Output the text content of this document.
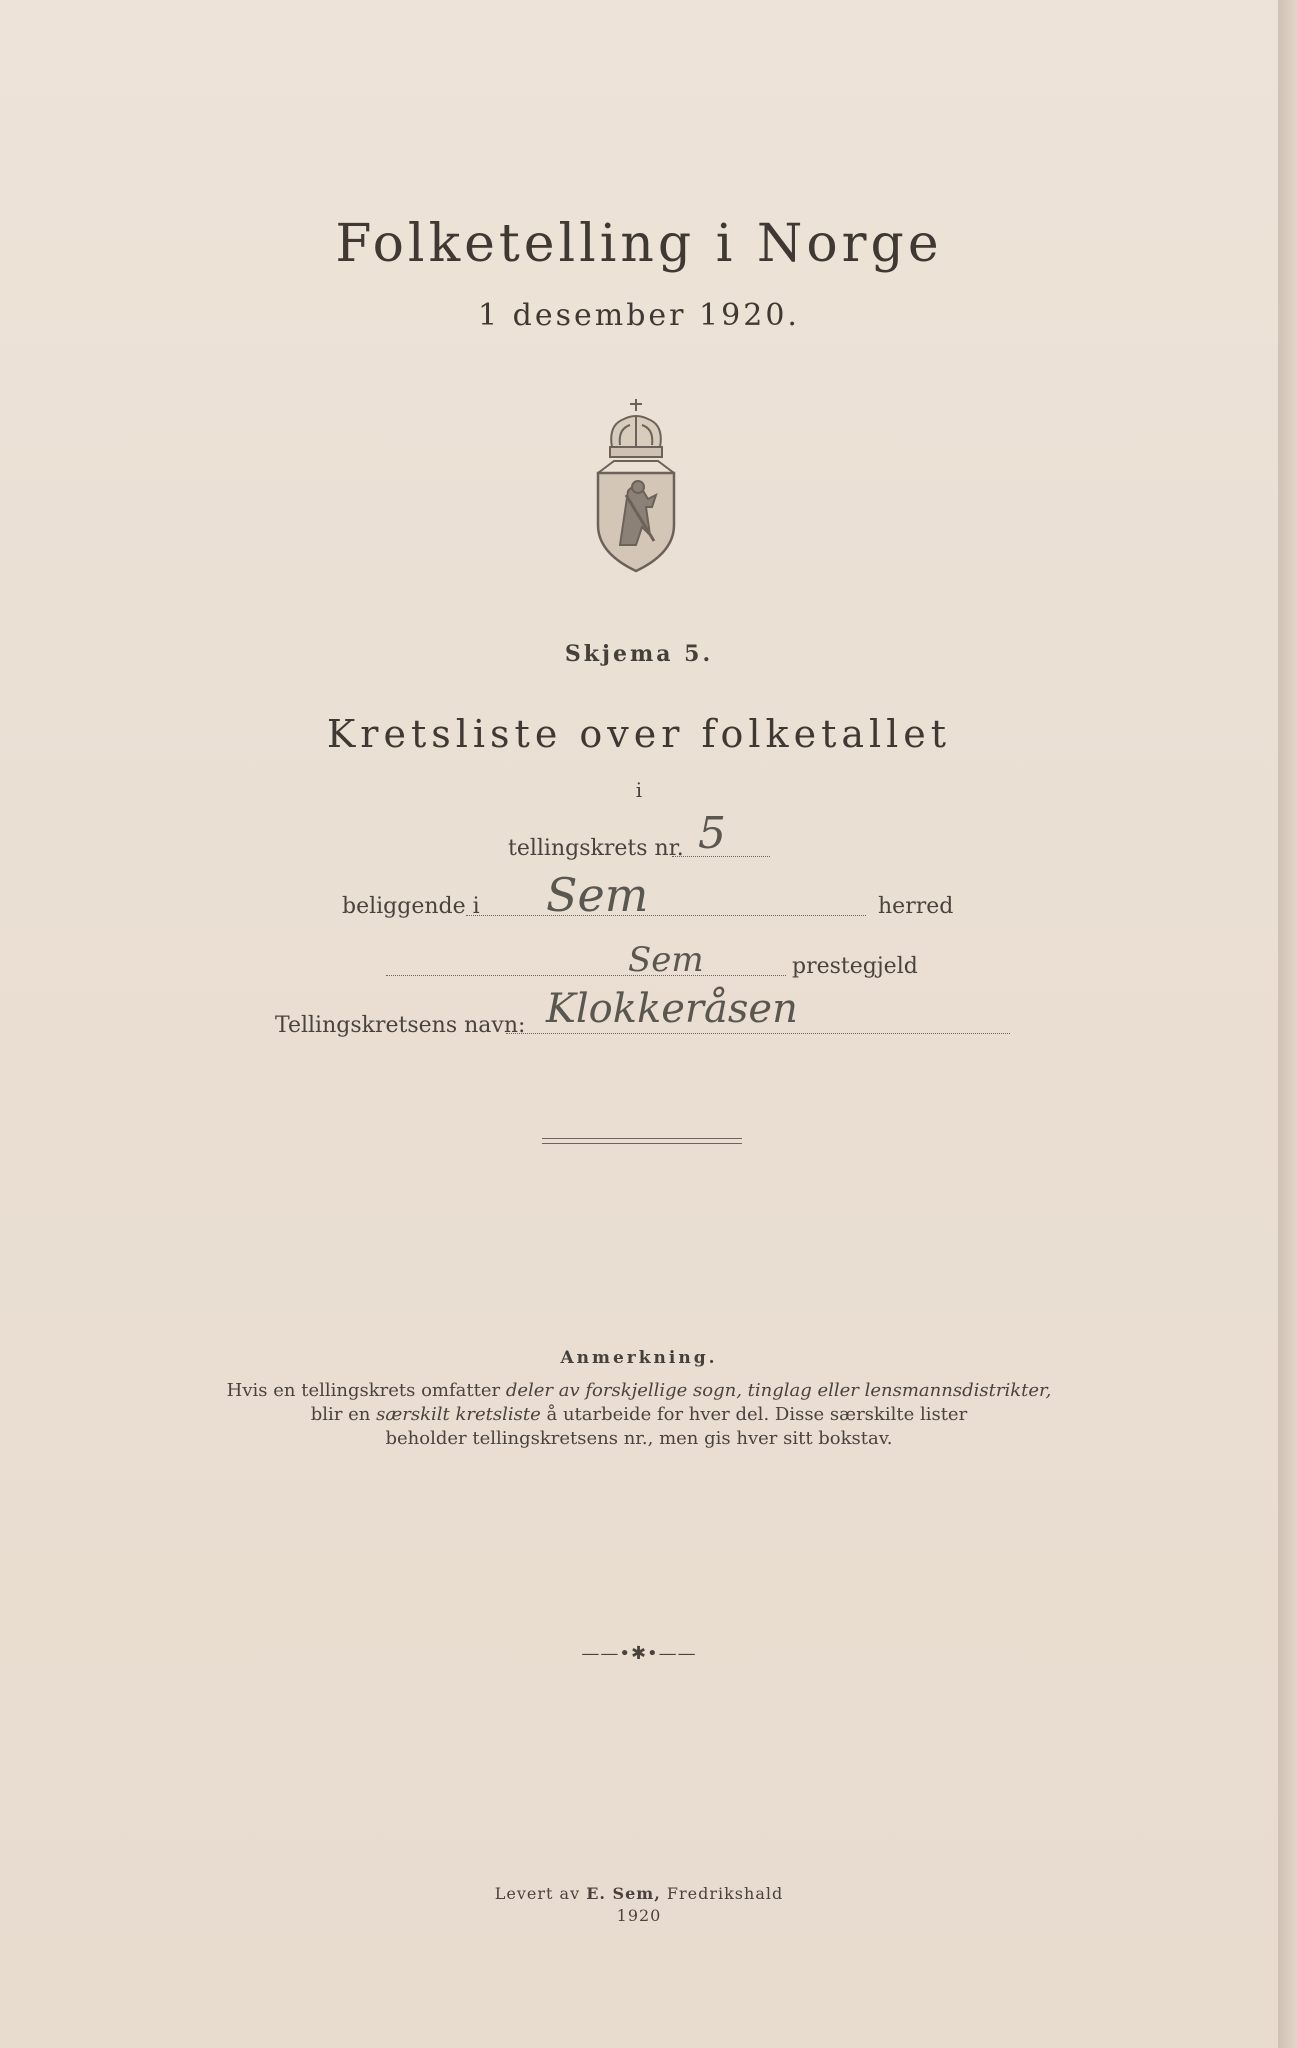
Folketelling i Norge
1 desember 1920.
Skjema 5.
Kretsliste over folketallet
i
tellingskrets nr. 5
beliggende i Sem	herred
Sem	prestegjeld
Tellingskretsens navn: Klokkeråsen
Anmerkning.
Hvis en tellingskrets omfatter deler av forskjellige sogn, tinglag eller lensmannsdistrikter,
blir en særskilt kretsliste å utarbeide for hver del. Disse særskilte lister
beholder tellingskretsens nr., men gis hver sitt bokstav.
——•✱•——
Levert av E. Sem, Fredrikshald
1920
